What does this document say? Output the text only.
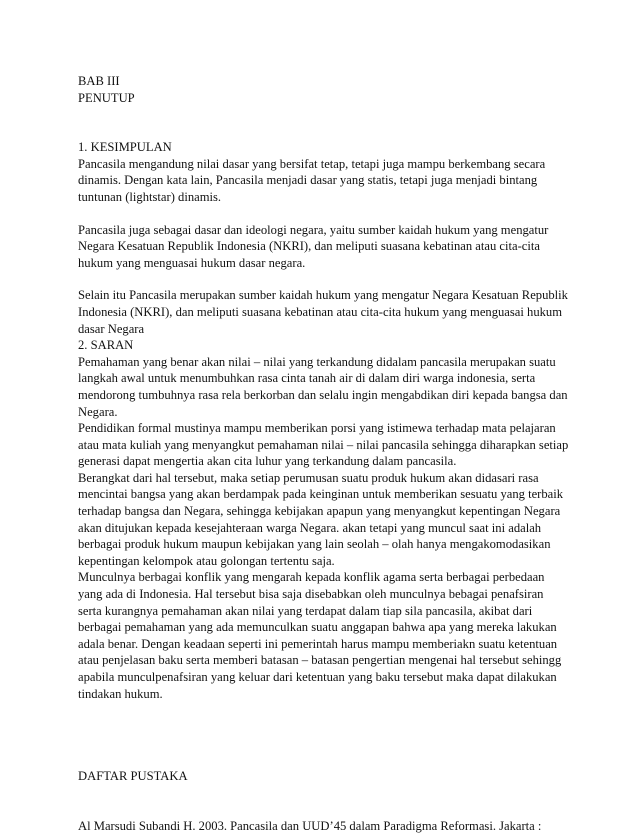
BAB III
PENUTUP
1. KESIMPULAN
Pancasila mengandung nilai dasar yang bersifat tetap, tetapi juga mampu berkembang secara
dinamis. Dengan kata lain, Pancasila menjadi dasar yang statis, tetapi juga menjadi bintang
tuntunan (lightstar) dinamis.
Pancasila juga sebagai dasar dan ideologi negara, yaitu sumber kaidah hukum yang mengatur
Negara Kesatuan Republik Indonesia (NKRI), dan meliputi suasana kebatinan atau cita-cita
hukum yang menguasai hukum dasar negara.
Selain itu Pancasila merupakan sumber kaidah hukum yang mengatur Negara Kesatuan Republik
Indonesia (NKRI), dan meliputi suasana kebatinan atau cita-cita hukum yang menguasai hukum
dasar Negara
2. SARAN
Pemahaman yang benar akan nilai – nilai yang terkandung didalam pancasila merupakan suatu
langkah awal untuk menumbuhkan rasa cinta tanah air di dalam diri warga indonesia, serta
mendorong tumbuhnya rasa rela berkorban dan selalu ingin mengabdikan diri kepada bangsa dan
Negara.
Pendidikan formal mustinya mampu memberikan porsi yang istimewa terhadap mata pelajaran
atau mata kuliah yang menyangkut pemahaman nilai – nilai pancasila sehingga diharapkan setiap
generasi dapat mengertia akan cita luhur yang terkandung dalam pancasila.
Berangkat dari hal tersebut, maka setiap perumusan suatu produk hukum akan didasari rasa
mencintai bangsa yang akan berdampak pada keinginan untuk memberikan sesuatu yang terbaik
terhadap bangsa dan Negara, sehingga kebijakan apapun yang menyangkut kepentingan Negara
akan ditujukan kepada kesejahteraan warga Negara. akan tetapi yang muncul saat ini adalah
berbagai produk hukum maupun kebijakan yang lain seolah – olah hanya mengakomodasikan
kepentingan kelompok atau golongan tertentu saja.
Munculnya berbagai konflik yang mengarah kepada konflik agama serta berbagai perbedaan
yang ada di Indonesia. Hal tersebut bisa saja disebabkan oleh munculnya bebagai penafsiran
serta kurangnya pemahaman akan nilai yang terdapat dalam tiap sila pancasila, akibat dari
berbagai pemahaman yang ada memunculkan suatu anggapan bahwa apa yang mereka lakukan
adala benar. Dengan keadaan seperti ini pemerintah harus mampu memberiakn suatu ketentuan
atau penjelasan baku serta memberi batasan – batasan pengertian mengenai hal tersebut sehingg
apabila munculpenafsiran yang keluar dari ketentuan yang baku tersebut maka dapat dilakukan
tindakan hukum.
DAFTAR PUSTAKA
Al Marsudi Subandi H. 2003. Pancasila dan UUD’45 dalam Paradigma Reformasi. Jakarta :
